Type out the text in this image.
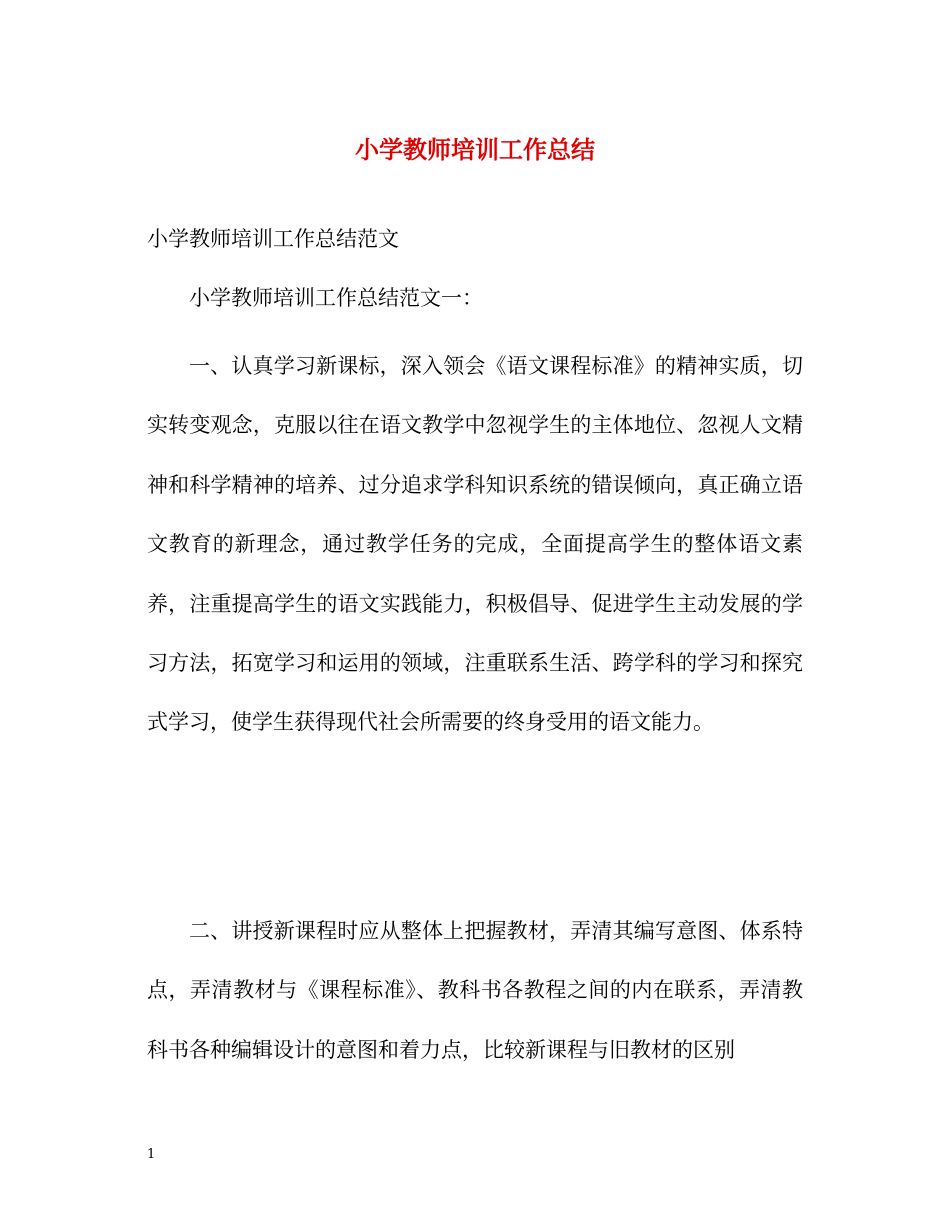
小学教师培训工作总结

小学教师培训工作总结范文

小学教师培训工作总结范文一：

一、认真学习新课标，深入领会《语文课程标准》的精神实质，切实转变观念，克服以往在语文教学中忽视学生的主体地位、忽视人文精神和科学精神的培养、过分追求学科知识系统的错误倾向，真正确立语文教育的新理念，通过教学任务的完成，全面提高学生的整体语文素养，注重提高学生的语文实践能力，积极倡导、促进学生主动发展的学习方法，拓宽学习和运用的领域，注重联系生活、跨学科的学习和探究式学习，使学生获得现代社会所需要的终身受用的语文能力。

二、讲授新课程时应从整体上把握教材，弄清其编写意图、体系特点，弄清教材与《课程标准》、教科书各教程之间的内在联系，弄清教科书各种编辑设计的意图和着力点，比较新课程与旧教材的区别

1
